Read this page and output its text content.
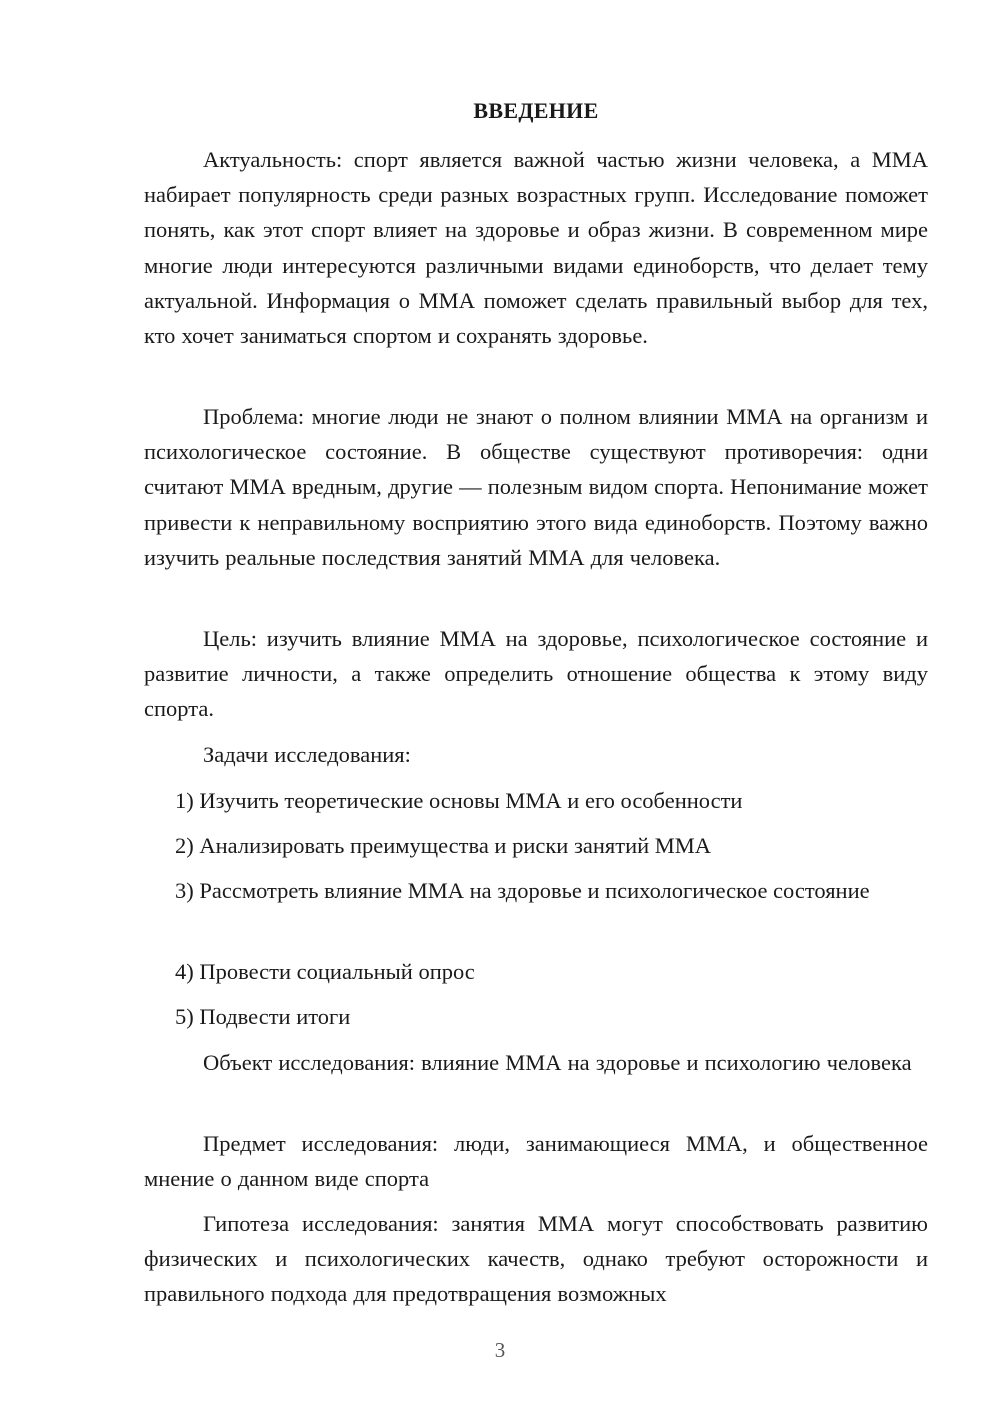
ВВЕДЕНИЕ

Актуальность: спорт является важной частью жизни человека, а ММА набирает популярность среди разных возрастных групп. Исследование поможет понять, как этот спорт влияет на здоровье и образ жизни. В современном мире многие люди интересуются различными видами единоборств, что делает тему актуальной. Информация о ММА поможет сделать правильный выбор для тех, кто хочет заниматься спортом и сохранять здоровье.

Проблема: многие люди не знают о полном влиянии ММА на организм и психологическое состояние. В обществе существуют противоречия: одни считают ММА вредным, другие — полезным видом спорта. Непонимание может привести к неправильному восприятию этого вида единоборств. Поэтому важно изучить реальные последствия занятий ММА для человека.

Цель: изучить влияние ММА на здоровье, психологическое состояние и развитие личности, а также определить отношение общества к этому виду спорта.

Задачи исследования:

1) Изучить теоретические основы ММА и его особенности

2) Анализировать преимущества и риски занятий ММА

3) Рассмотреть влияние ММА на здоровье и психологическое состояние

4) Провести социальный опрос

5) Подвести итоги

Объект исследования: влияние ММА на здоровье и психологию человека

Предмет исследования: люди, занимающиеся ММА, и общественное мнение о данном виде спорта

Гипотеза исследования: занятия ММА могут способствовать развитию физических и психологических качеств, однако требуют осторожности и правильного подхода для предотвращения возможных

3
